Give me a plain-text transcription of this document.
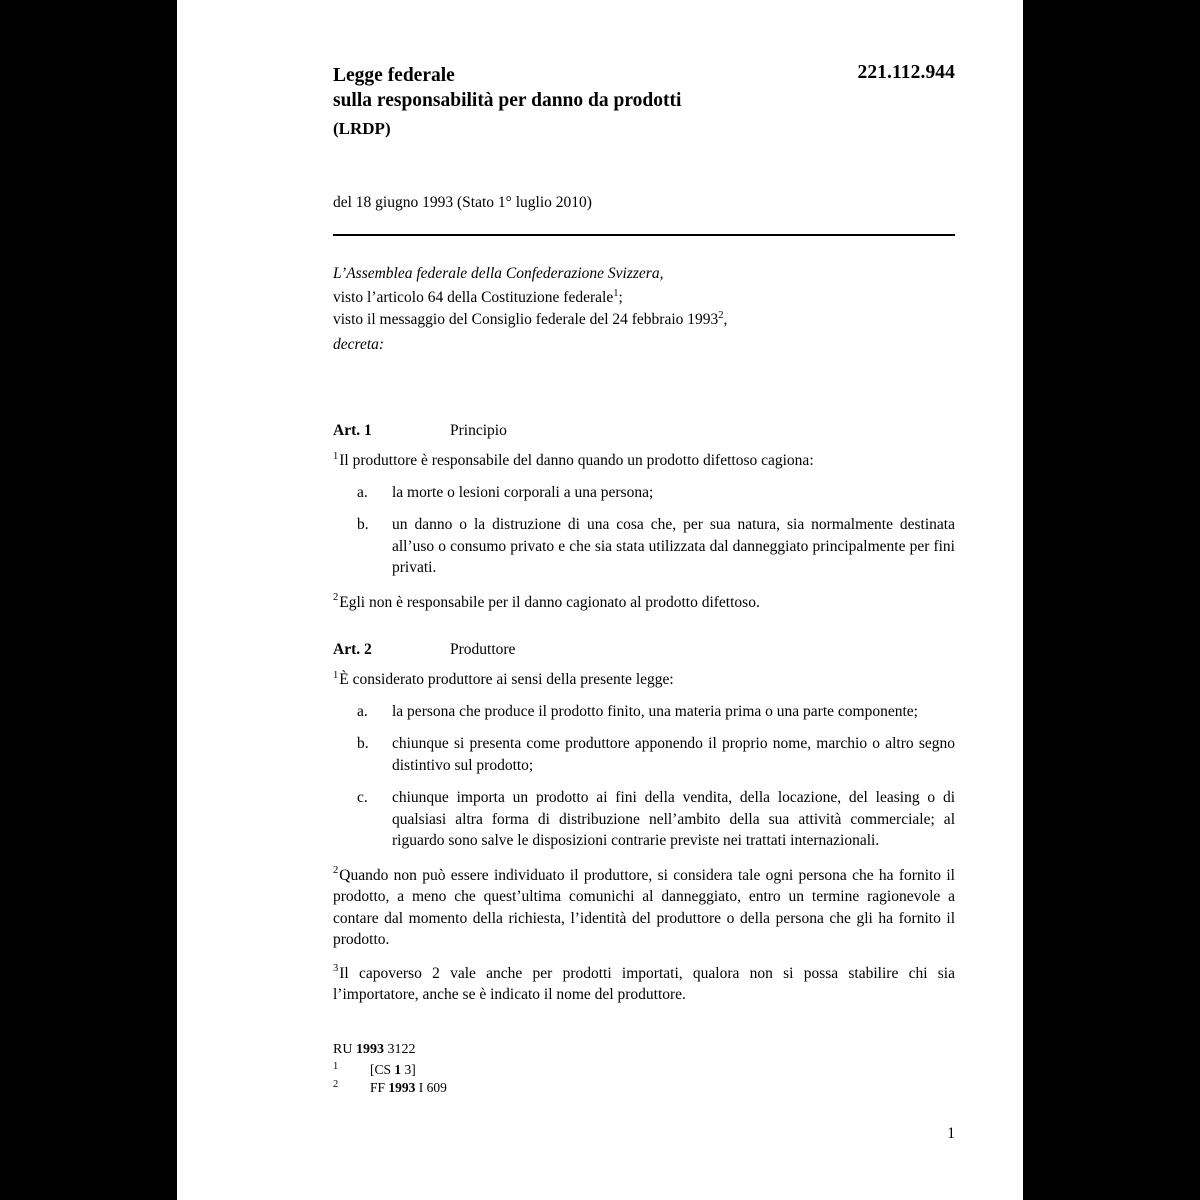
221.112.944
Legge federale
sulla responsabilità per danno da prodotti
(LRDP)
del 18 giugno 1993 (Stato 1° luglio 2010)
L’Assemblea federale della Confederazione Svizzera,
visto l’articolo 64 della Costituzione federale$^1$;
visto il messaggio del Consiglio federale del 24 febbraio 1993$^2$,
decreta:
Art. 1	Principio

$^1$Il produttore è responsabile del danno quando un prodotto difettoso cagiona:

a. la morte o lesioni corporali a una persona;
b. un danno o la distruzione di una cosa che, per sua natura, sia normalmente destinata all’uso o consumo privato e che sia stata utilizzata dal danneggiato principalmente per fini privati.

$^2$Egli non è responsabile per il danno cagionato al prodotto difettoso.

Art. 2	Produttore

$^1$È considerato produttore ai sensi della presente legge:

a. la persona che produce il prodotto finito, una materia prima o una parte componente;
b. chiunque si presenta come produttore apponendo il proprio nome, marchio o altro segno distintivo sul prodotto;
c. chiunque importa un prodotto ai fini della vendita, della locazione, del leasing o di qualsiasi altra forma di distribuzione nell’ambito della sua attività commerciale; al riguardo sono salve le disposizioni contrarie previste nei trattati internazionali.

$^2$Quando non può essere individuato il produttore, si considera tale ogni persona che ha fornito il prodotto, a meno che quest’ultima comunichi al danneggiato, entro un termine ragionevole a contare dal momento della richiesta, l’identità del produttore o della persona che gli ha fornito il prodotto.

$^3$Il capoverso 2 vale anche per prodotti importati, qualora non si possa stabilire chi sia l’importatore, anche se è indicato il nome del produttore.

RU 1993 3122
1 [CS 1 3]
2 FF 1993 I 609
1
